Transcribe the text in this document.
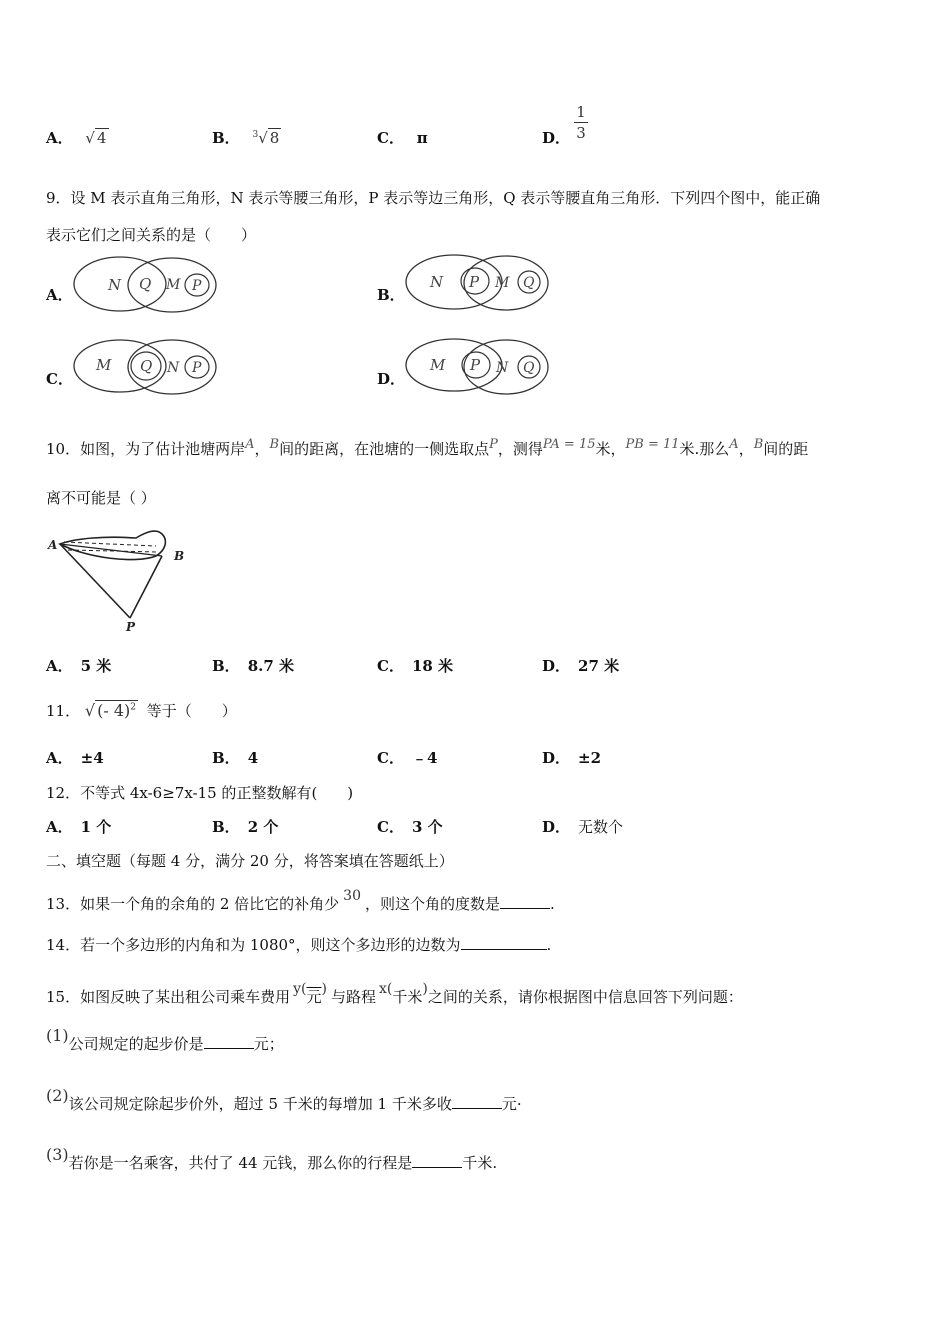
A． √ 4	B． $^3$√ 8	C． π	D．
1
3
9．设 M 表示直角三角形，N 表示等腰三角形，P 表示等边三角形，Q 表示等腰直角三角形．下列四个图中，能正确
表示它们之间关系的是（　　）
A．
N Q M P	B．
N P M Q
C．
M Q N P
D．
M P N Q
10．如图，为了估计池塘两岸A，B间的距离，在池塘的一侧选取点P，测得PA = 15米，PB = 11米.那么A，B间的距
离不可能是（ ）
A
B
P
A． 5 米	B． 8.7 米	C． 18 米	D． 27 米
11． √ (- 4)$^2$ 等于（　　）
A． ±4	B． 4	C． ﹣4	D． ±2
12．不等式 4x-6≥7x-15 的正整数解有(　　)
A． 1 个	B． 2 个	C． 3 个	D． 无数个
二、填空题（每题 4 分，满分 20 分，将答案填在答题纸上）
13．如果一个角的余角的 2 倍比它的补角少 30 ，则这个角的度数是	.
14．若一个多边形的内角和为 1080°，则这个多边形的边数为	.
15．如图反映了某出租公司乘车费用 y(元) 与路程 x(千米)之间的关系，请你根据图中信息回答下列问题：
(1)公司规定的起步价是	元；
(2)该公司规定除起步价外，超过 5 千米的每增加 1 千米多收	元·
(3)若你是一名乘客，共付了 44 元钱，那么你的行程是	千米.
